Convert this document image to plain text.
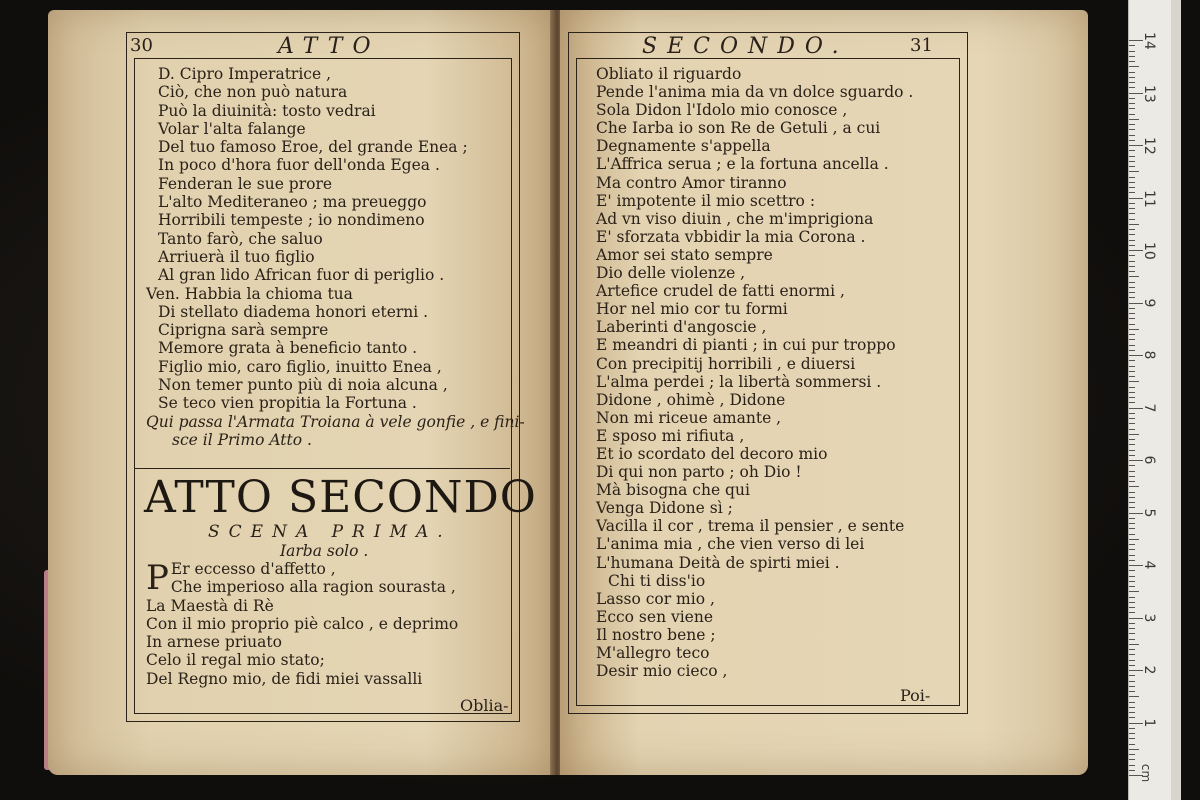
30	ATTO
D. Cipro Imperatrice ,
Ciò, che non può natura
Può la diuinità: tosto vedrai
Volar l'alta falange
Del tuo famoso Eroe, del grande Enea ;
In poco d'hora fuor dell'onda Egea .
Fenderan le sue prore
L'alto Mediteraneo ; ma preueggo
Horribili tempeste ; io nondimeno
Tanto farò, che saluo
Arriuerà il tuo figlio
Al gran lido African fuor di periglio .
Ven. Habbia la chioma tua
Di stellato diadema honori eterni .
Ciprigna sarà sempre
Memore grata à beneficio tanto .
Figlio mio, caro figlio, inuitto Enea ,
Non temer punto più di noia alcuna ,
Se teco vien propitia la Fortuna .
Qui passa l'Armata Troiana à vele gonfie , e fini-
sce il Primo Atto .
ATTO SECONDO
SCENA PRIMA.
Iarba solo .
P Er eccesso d'affetto ,
Che imperioso alla ragion sourasta ,
La Maestà di Rè
Con il mio proprio piè calco , e deprimo
In arnese priuato
Celo il regal mio stato;
Del Regno mio, de fidi miei vassalli
Oblia-
SECONDO.	31
Obliato il riguardo
Pende l'anima mia da vn dolce sguardo .
Sola Didon l'Idolo mio conosce ,
Che Iarba io son Re de Getuli , a cui
Degnamente s'appella
L'Affrica serua ; e la fortuna ancella .
Ma contro Amor tiranno
E' impotente il mio scettro :
Ad vn viso diuin , che m'imprigiona
E' sforzata vbbidir la mia Corona .
Amor sei stato sempre
Dio delle violenze ,
Artefice crudel de fatti enormi ,
Hor nel mio cor tu formi
Laberinti d'angoscie ,
E meandri di pianti ; in cui pur troppo
Con precipitij horribili , e diuersi
L'alma perdei ; la libertà sommersi .
Didone , ohimè , Didone
Non mi riceue amante ,
E sposo mi rifiuta ,
Et io scordato del decoro mio
Di qui non parto ; oh Dio !
Mà bisogna che qui
Venga Didone sì ;
Vacilla il cor , trema il pensier , e sente
L'anima mia , che vien verso di lei
L'humana Deità de spirti miei .
Chi ti diss'io
Lasso cor mio ,
Ecco sen viene
Il nostro bene ;
M'allegro teco
Desir mio cieco ,
Poi-
14
13
12
11
10
9
8
7
6
5
4
3
2
1
cm
